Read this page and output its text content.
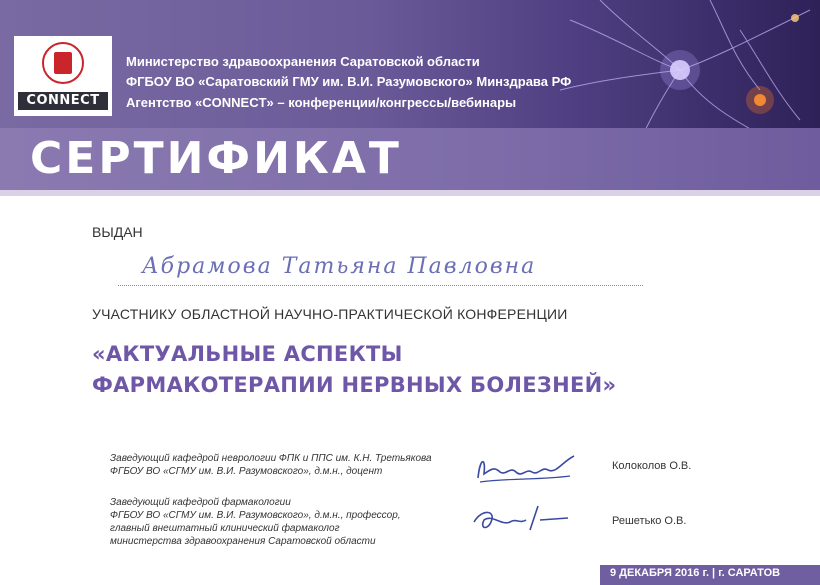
CONNECT
Министерство здравоохранения Саратовской области
ФГБОУ ВО «Саратовский ГМУ им. В.И. Разумовского» Минздрава РФ
Агентство «CONNECT» – конференции/конгрессы/вебинары
СЕРТИФИКАТ
ВЫДАН
Абрамова Татьяна Павловна
УЧАСТНИКУ ОБЛАСТНОЙ НАУЧНО-ПРАКТИЧЕСКОЙ КОНФЕРЕНЦИИ
«АКТУАЛЬНЫЕ АСПЕКТЫ
ФАРМАКОТЕРАПИИ НЕРВНЫХ БОЛЕЗНЕЙ»
Заведующий кафедрой неврологии ФПК и ППС им. К.Н. Третьякова
ФГБОУ ВО «СГМУ им. В.И. Разумовского», д.м.н., доцент	Колоколов О.В.
Заведующий кафедрой фармакологии
ФГБОУ ВО «СГМУ им. В.И. Разумовского», д.м.н., профессор,
главный внештатный клинический фармаколог
министерства здравоохранения Саратовской области
Решетько О.В.
9 ДЕКАБРЯ 2016 г. | г. САРАТОВ
